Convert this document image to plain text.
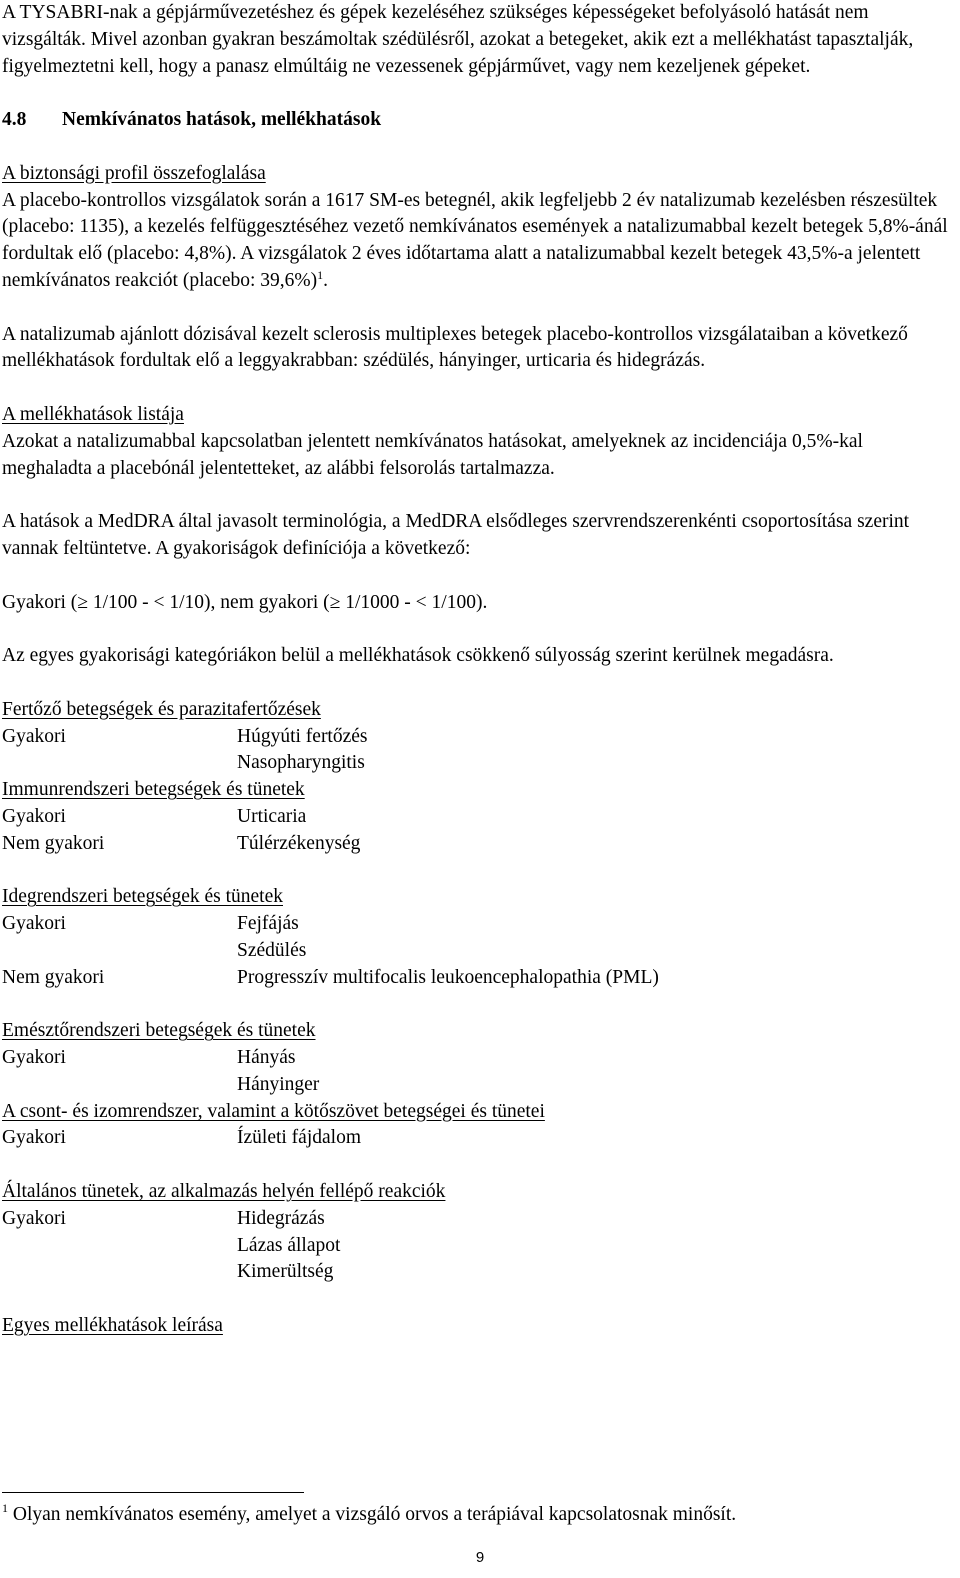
A TYSABRI-nak a gépjárművezetéshez és gépek kezeléséhez szükséges képességeket befolyásoló hatását nem vizsgálták. Mivel azonban gyakran beszámoltak szédülésről, azokat a betegeket, akik ezt a mellékhatást tapasztalják, figyelmeztetni kell, hogy a panasz elmúltáig ne vezessenek gépjárművet, vagy nem kezeljenek gépeket.

4.8 Nemkívánatos hatások, mellékhatások

A biztonsági profil összefoglalása

A placebo-kontrollos vizsgálatok során a 1617 SM-es betegnél, akik legfeljebb 2 év natalizumab kezelésben részesültek (placebo: 1135), a kezelés felfüggesztéséhez vezető nemkívánatos események a natalizumabbal kezelt betegek 5,8%-ánál fordultak elő (placebo: 4,8%). A vizsgálatok 2 éves időtartama alatt a natalizumabbal kezelt betegek 43,5%-a jelentett nemkívánatos reakciót (placebo: 39,6%)$^1$.

A natalizumab ajánlott dózisával kezelt sclerosis multiplexes betegek placebo-kontrollos vizsgálataiban a következő mellékhatások fordultak elő a leggyakrabban: szédülés, hányinger, urticaria és hidegrázás.

A mellékhatások listája

Azokat a natalizumabbal kapcsolatban jelentett nemkívánatos hatásokat, amelyeknek az incidenciája 0,5%-kal meghaladta a placebónál jelentetteket, az alábbi felsorolás tartalmazza.

A hatások a MedDRA által javasolt terminológia, a MedDRA elsődleges szervrendszerenkénti csoportosítása szerint vannak feltüntetve. A gyakoriságok definíciója a következő:

Gyakori (≥ 1/100 - < 1/10), nem gyakori (≥ 1/1000 - < 1/100).

Az egyes gyakorisági kategóriákon belül a mellékhatások csökkenő súlyosság szerint kerülnek megadásra.

Fertőző betegségek és parazitafertőzések

Gyakori	Húgyúti fertőzés
Nasopharyngitis

Immunrendszeri betegségek és tünetek

Gyakori	Urticaria
Nem gyakori	Túlérzékenység

Idegrendszeri betegségek és tünetek

Gyakori	Fejfájás
Szédülés
Nem gyakori	Progresszív multifocalis leukoencephalopathia (PML)

Emésztőrendszeri betegségek és tünetek

Gyakori	Hányás
Hányinger

A csont- és izomrendszer, valamint a kötőszövet betegségei és tünetei

Gyakori	Ízületi fájdalom

Általános tünetek, az alkalmazás helyén fellépő reakciók

Gyakori	Hidegrázás
Lázas állapot
Kimerültség

Egyes mellékhatások leírása

$^1$ Olyan nemkívánatos esemény, amelyet a vizsgáló orvos a terápiával kapcsolatosnak minősít.

9
